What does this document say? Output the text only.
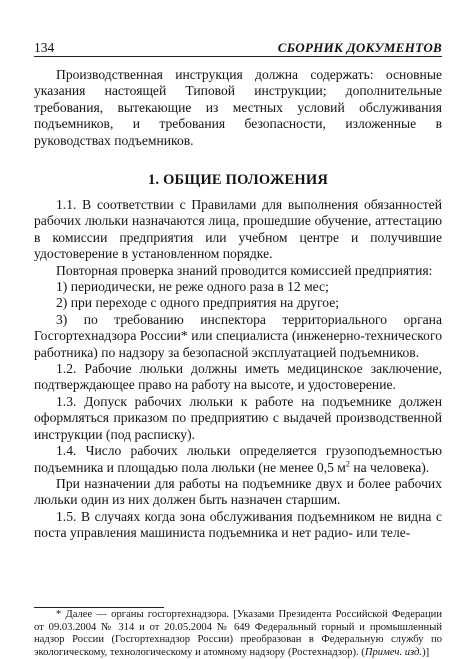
134	СБОРНИК ДОКУМЕНТОВ

Производственная инструкция должна содержать: основные указания настоящей Типовой инструкции; дополнительные требования, вытекающие из местных условий обслуживания подъемников, и требования безопасности, изложенные в руководствах подъемников.

1. ОБЩИЕ ПОЛОЖЕНИЯ

1.1. В соответствии с Правилами для выполнения обязанностей рабочих люльки назначаются лица, прошедшие обучение, аттестацию в комиссии предприятия или учебном центре и получившие удостоверение в установленном порядке.

Повторная проверка знаний проводится комиссией предприятия:

1) периодически, не реже одного раза в 12 мес;

2) при переходе с одного предприятия на другое;

3) по требованию инспектора территориального органа Госгортехнадзора России* или специалиста (инженерно-технического работника) по надзору за безопасной эксплуатацией подъемников.

1.2. Рабочие люльки должны иметь медицинское заключение, подтверждающее право на работу на высоте, и удостоверение.

1.3. Допуск рабочих люльки к работе на подъемнике должен оформляться приказом по предприятию с выдачей производственной инструкции (под расписку).

1.4. Число рабочих люльки определяется грузоподъемностью подъемника и площадью пола люльки (не менее 0,5 $м^2$ на человека).

При назначении для работы на подъемнике двух и более рабочих люльки один из них должен быть назначен старшим.

1.5. В случаях когда зона обслуживания подъемником не видна с поста управления машиниста подъемника и нет радио- или теле-

* Далее — органы госгортехнадзора. [Указами Президента Российской Федерации от 09.03.2004 № 314 и от 20.05.2004 № 649 Федеральный горный и промышленный надзор России (Госгортехнадзор России) преобразован в Федеральную службу по экологическому, технологическому и атомному надзору (Ростехнадзор). (Примеч. изд.)]
